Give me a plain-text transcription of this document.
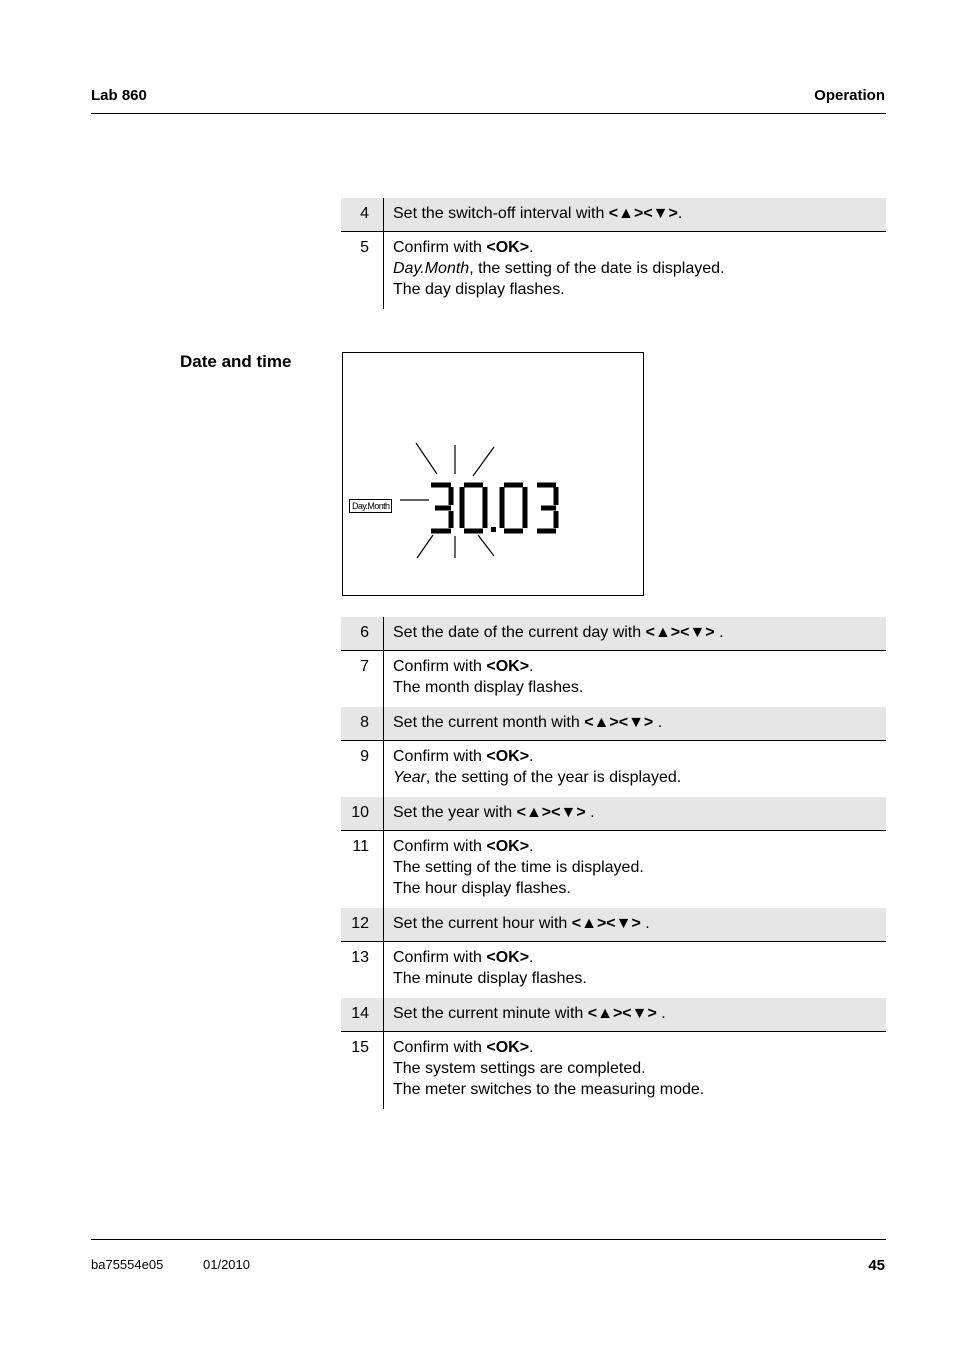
Lab 860	Operation
4	Set the switch-off interval with <▲><▼>.
5	Confirm with <OK>.
Day.Month, the setting of the date is displayed.
The day display flashes.
Date and time
Day.Month
6	Set the date of the current day with <▲><▼> .
7	Confirm with <OK>.
The month display flashes.
8	Set the current month with <▲><▼> .
9	Confirm with <OK>.
Year, the setting of the year is displayed.
10	Set the year with <▲><▼> .
11	Confirm with <OK>.
The setting of the time is displayed.
The hour display flashes.
12	Set the current hour with <▲><▼> .
13	Confirm with <OK>.
The minute display flashes.
14	Set the current minute with <▲><▼> .
15	Confirm with <OK>.
The system settings are completed.
The meter switches to the measuring mode.
ba75554e05	01/2010	45
